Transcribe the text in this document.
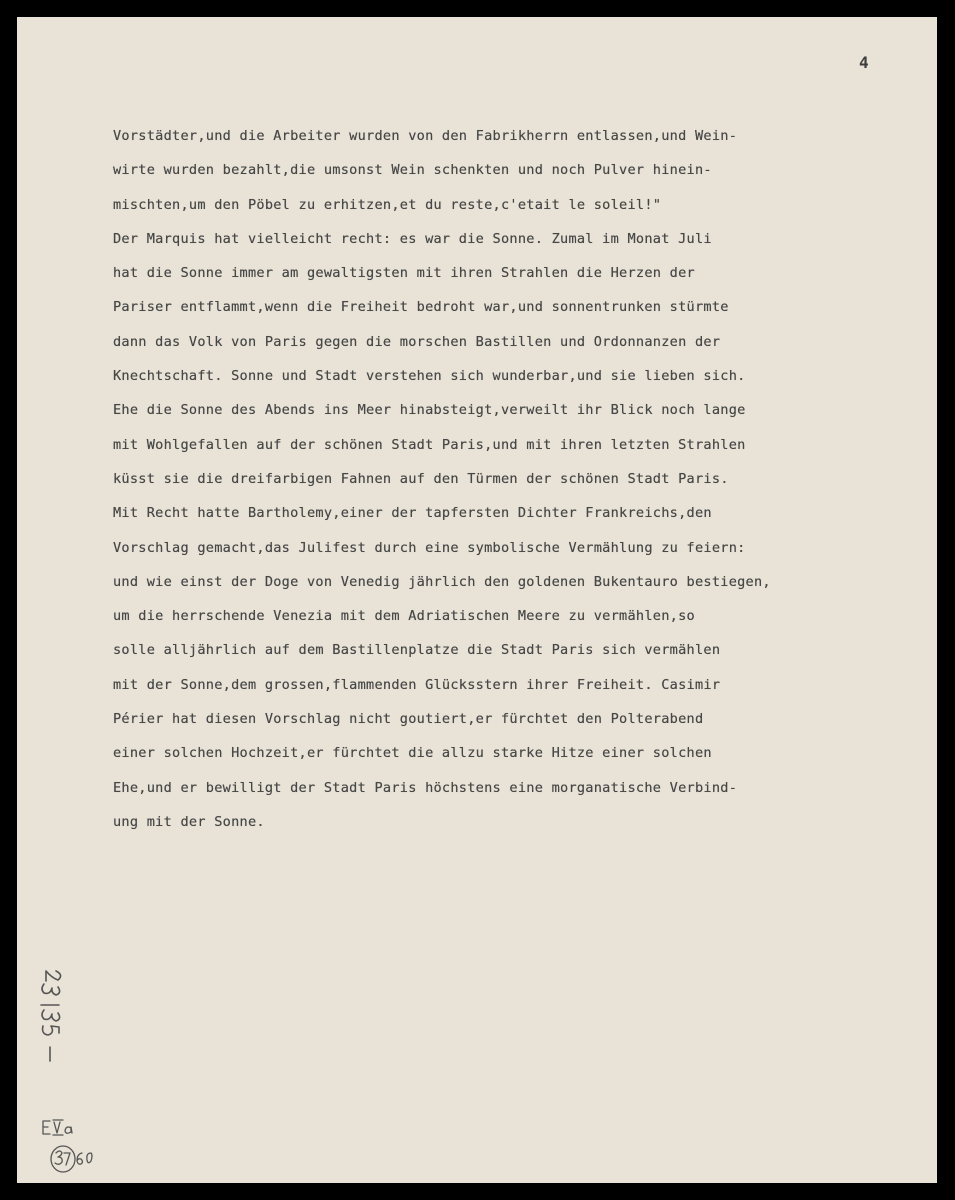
4
Vorstädter,und die Arbeiter wurden von den Fabrikherrn entlassen,und Wein-
wirte wurden bezahlt,die umsonst Wein schenkten und noch Pulver hinein-
mischten,um den Pöbel zu erhitzen,et du reste,c'etait le soleil!"
Der Marquis hat vielleicht recht: es war die Sonne. Zumal im Monat Juli
hat die Sonne immer am gewaltigsten mit ihren Strahlen die Herzen der
Pariser entflammt,wenn die Freiheit bedroht war,und sonnentrunken stürmte
dann das Volk von Paris gegen die morschen Bastillen und Ordonnanzen der
Knechtschaft. Sonne und Stadt verstehen sich wunderbar,und sie lieben sich.
Ehe die Sonne des Abends ins Meer hinabsteigt,verweilt ihr Blick noch lange
mit Wohlgefallen auf der schönen Stadt Paris,und mit ihren letzten Strahlen
küsst sie die dreifarbigen Fahnen auf den Türmen der schönen Stadt Paris.
Mit Recht hatte Bartholemy,einer der tapfersten Dichter Frankreichs,den
Vorschlag gemacht,das Julifest durch eine symbolische Vermählung zu feiern:
und wie einst der Doge von Venedig jährlich den goldenen Bukentauro bestiegen,
um die herrschende Venezia mit dem Adriatischen Meere zu vermählen,so
solle alljährlich auf dem Bastillenplatze die Stadt Paris sich vermählen
mit der Sonne,dem grossen,flammenden Glücksstern ihrer Freiheit. Casimir
Périer hat diesen Vorschlag nicht goutiert,er fürchtet den Polterabend
einer solchen Hochzeit,er fürchtet die allzu starke Hitze einer solchen
Ehe,und er bewilligt der Stadt Paris höchstens eine morganatische Verbind-
ung mit der Sonne.
